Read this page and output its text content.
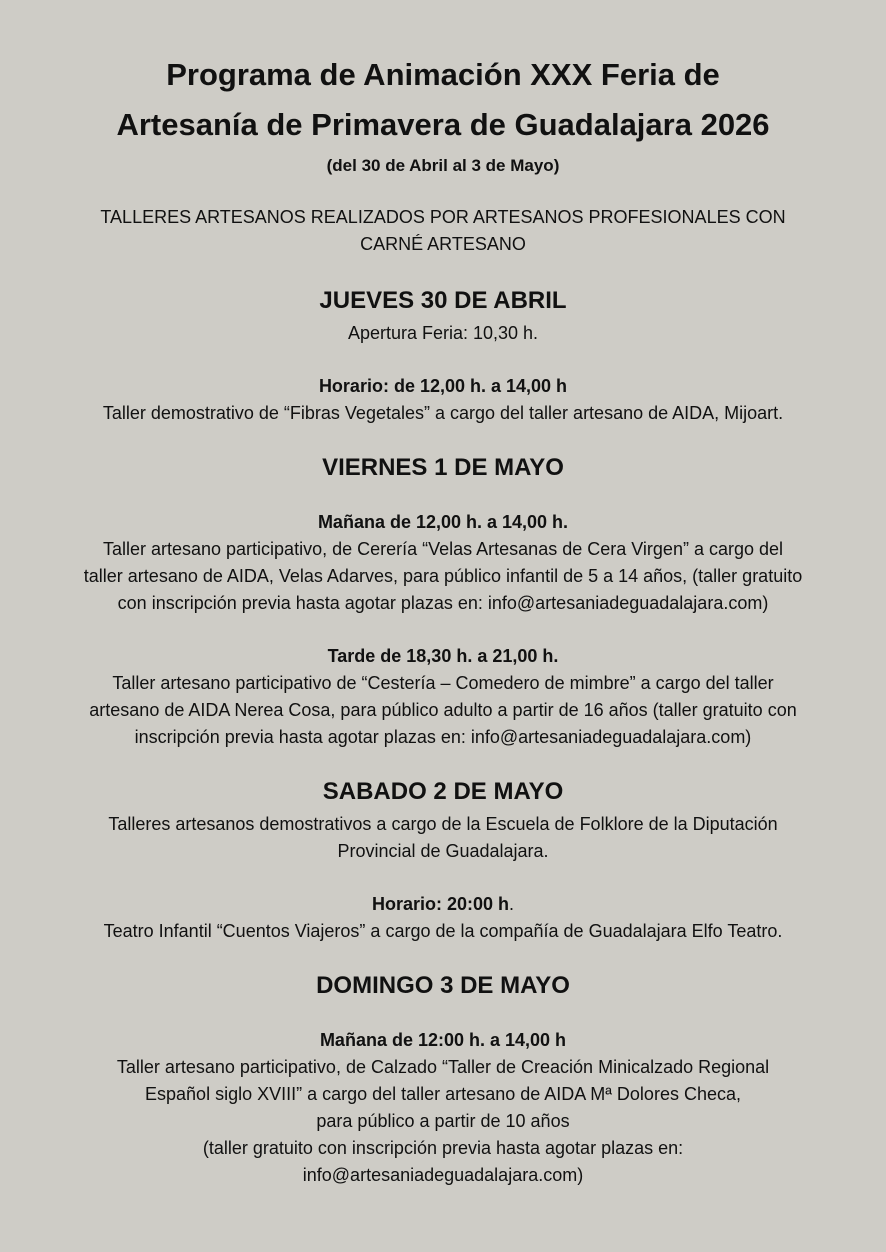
Programa de Animación XXX Feria de
Artesanía de Primavera de Guadalajara 2026
(del 30 de Abril al 3 de Mayo)
TALLERES ARTESANOS REALIZADOS POR ARTESANOS PROFESIONALES CON
CARNÉ ARTESANO
JUEVES 30 DE ABRIL
Apertura Feria: 10,30 h.
Horario: de 12,00 h. a 14,00 h
Taller demostrativo de “Fibras Vegetales” a cargo del taller artesano de AIDA, Mijoart.
VIERNES 1 DE MAYO
Mañana de 12,00 h. a 14,00 h.
Taller artesano participativo, de Cerería “Velas Artesanas de Cera Virgen” a cargo del
taller artesano de AIDA, Velas Adarves, para público infantil de 5 a 14 años, (taller gratuito
con inscripción previa hasta agotar plazas en: info@artesaniadeguadalajara.com)
Tarde de 18,30 h. a 21,00 h.
Taller artesano participativo de “Cestería – Comedero de mimbre” a cargo del taller
artesano de AIDA Nerea Cosa, para público adulto a partir de 16 años (taller gratuito con
inscripción previa hasta agotar plazas en: info@artesaniadeguadalajara.com)
SABADO 2 DE MAYO
Talleres artesanos demostrativos a cargo de la Escuela de Folklore de la Diputación
Provincial de Guadalajara.
Horario: 20:00 h.
Teatro Infantil “Cuentos Viajeros” a cargo de la compañía de Guadalajara Elfo Teatro.
DOMINGO 3 DE MAYO
Mañana de 12:00 h. a 14,00 h
Taller artesano participativo, de Calzado “Taller de Creación Minicalzado Regional
Español siglo XVIII” a cargo del taller artesano de AIDA Mª Dolores Checa,
para público a partir de 10 años
(taller gratuito con inscripción previa hasta agotar plazas en:
info@artesaniadeguadalajara.com)
